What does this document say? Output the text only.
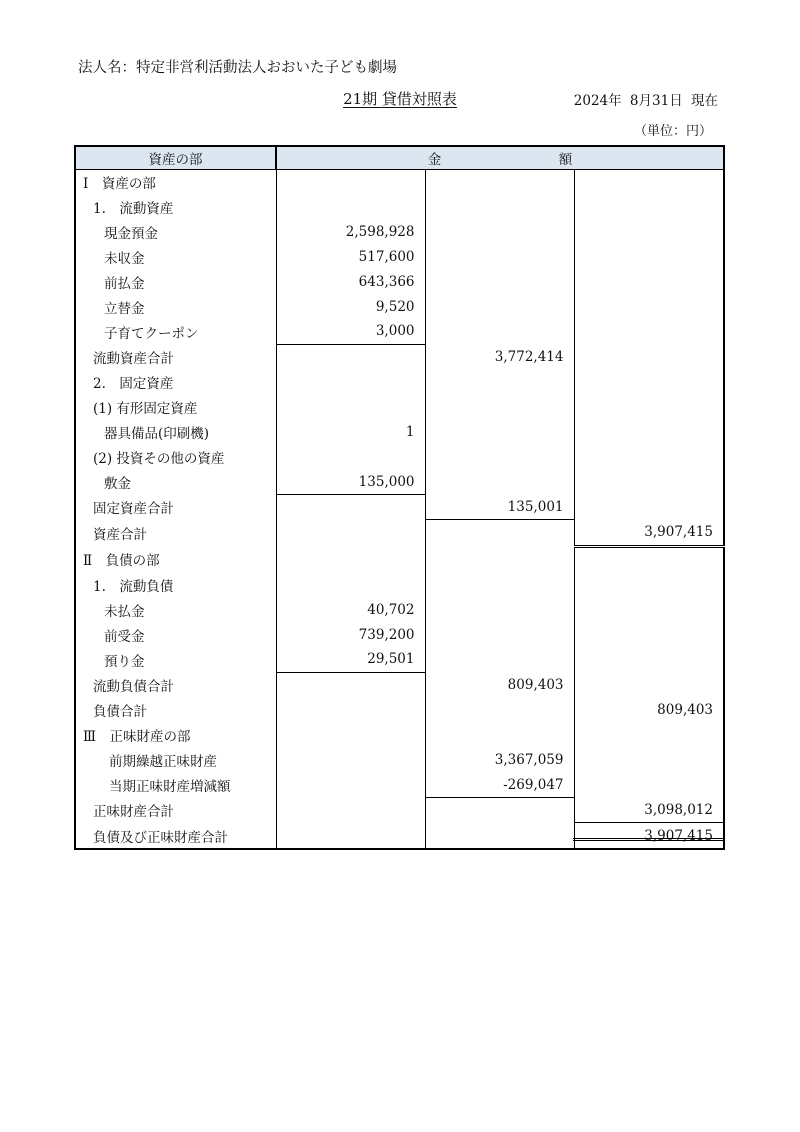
法人名：特定非営利活動法人おおいた子ども劇場
21期 貸借対照表	2024年 8月31日 現在
（単位：円）
資産の部	金　額		
Ⅰ　資産の部			
1.　流動資産			
現金預金	2,598,928		
未収金	517,600		
前払金	643,366		
立替金	9,520		
子育てクーポン	3,000		
流動資産合計		3,772,414	
2.　固定資産			
(1) 有形固定資産			
器具備品(印刷機)	1		
(2) 投資その他の資産			
敷金	135,000		
固定資産合計		135,001	
資産合計			3,907,415
Ⅱ　負債の部			
1.　流動負債			
未払金	40,702		
前受金	739,200		
預り金	29,501		
流動負債合計		809,403	
負債合計			809,403
Ⅲ　正味財産の部			
前期繰越正味財産		3,367,059	
当期正味財産増減額		-269,047	
正味財産合計			3,098,012
負債及び正味財産合計			3,907,415
